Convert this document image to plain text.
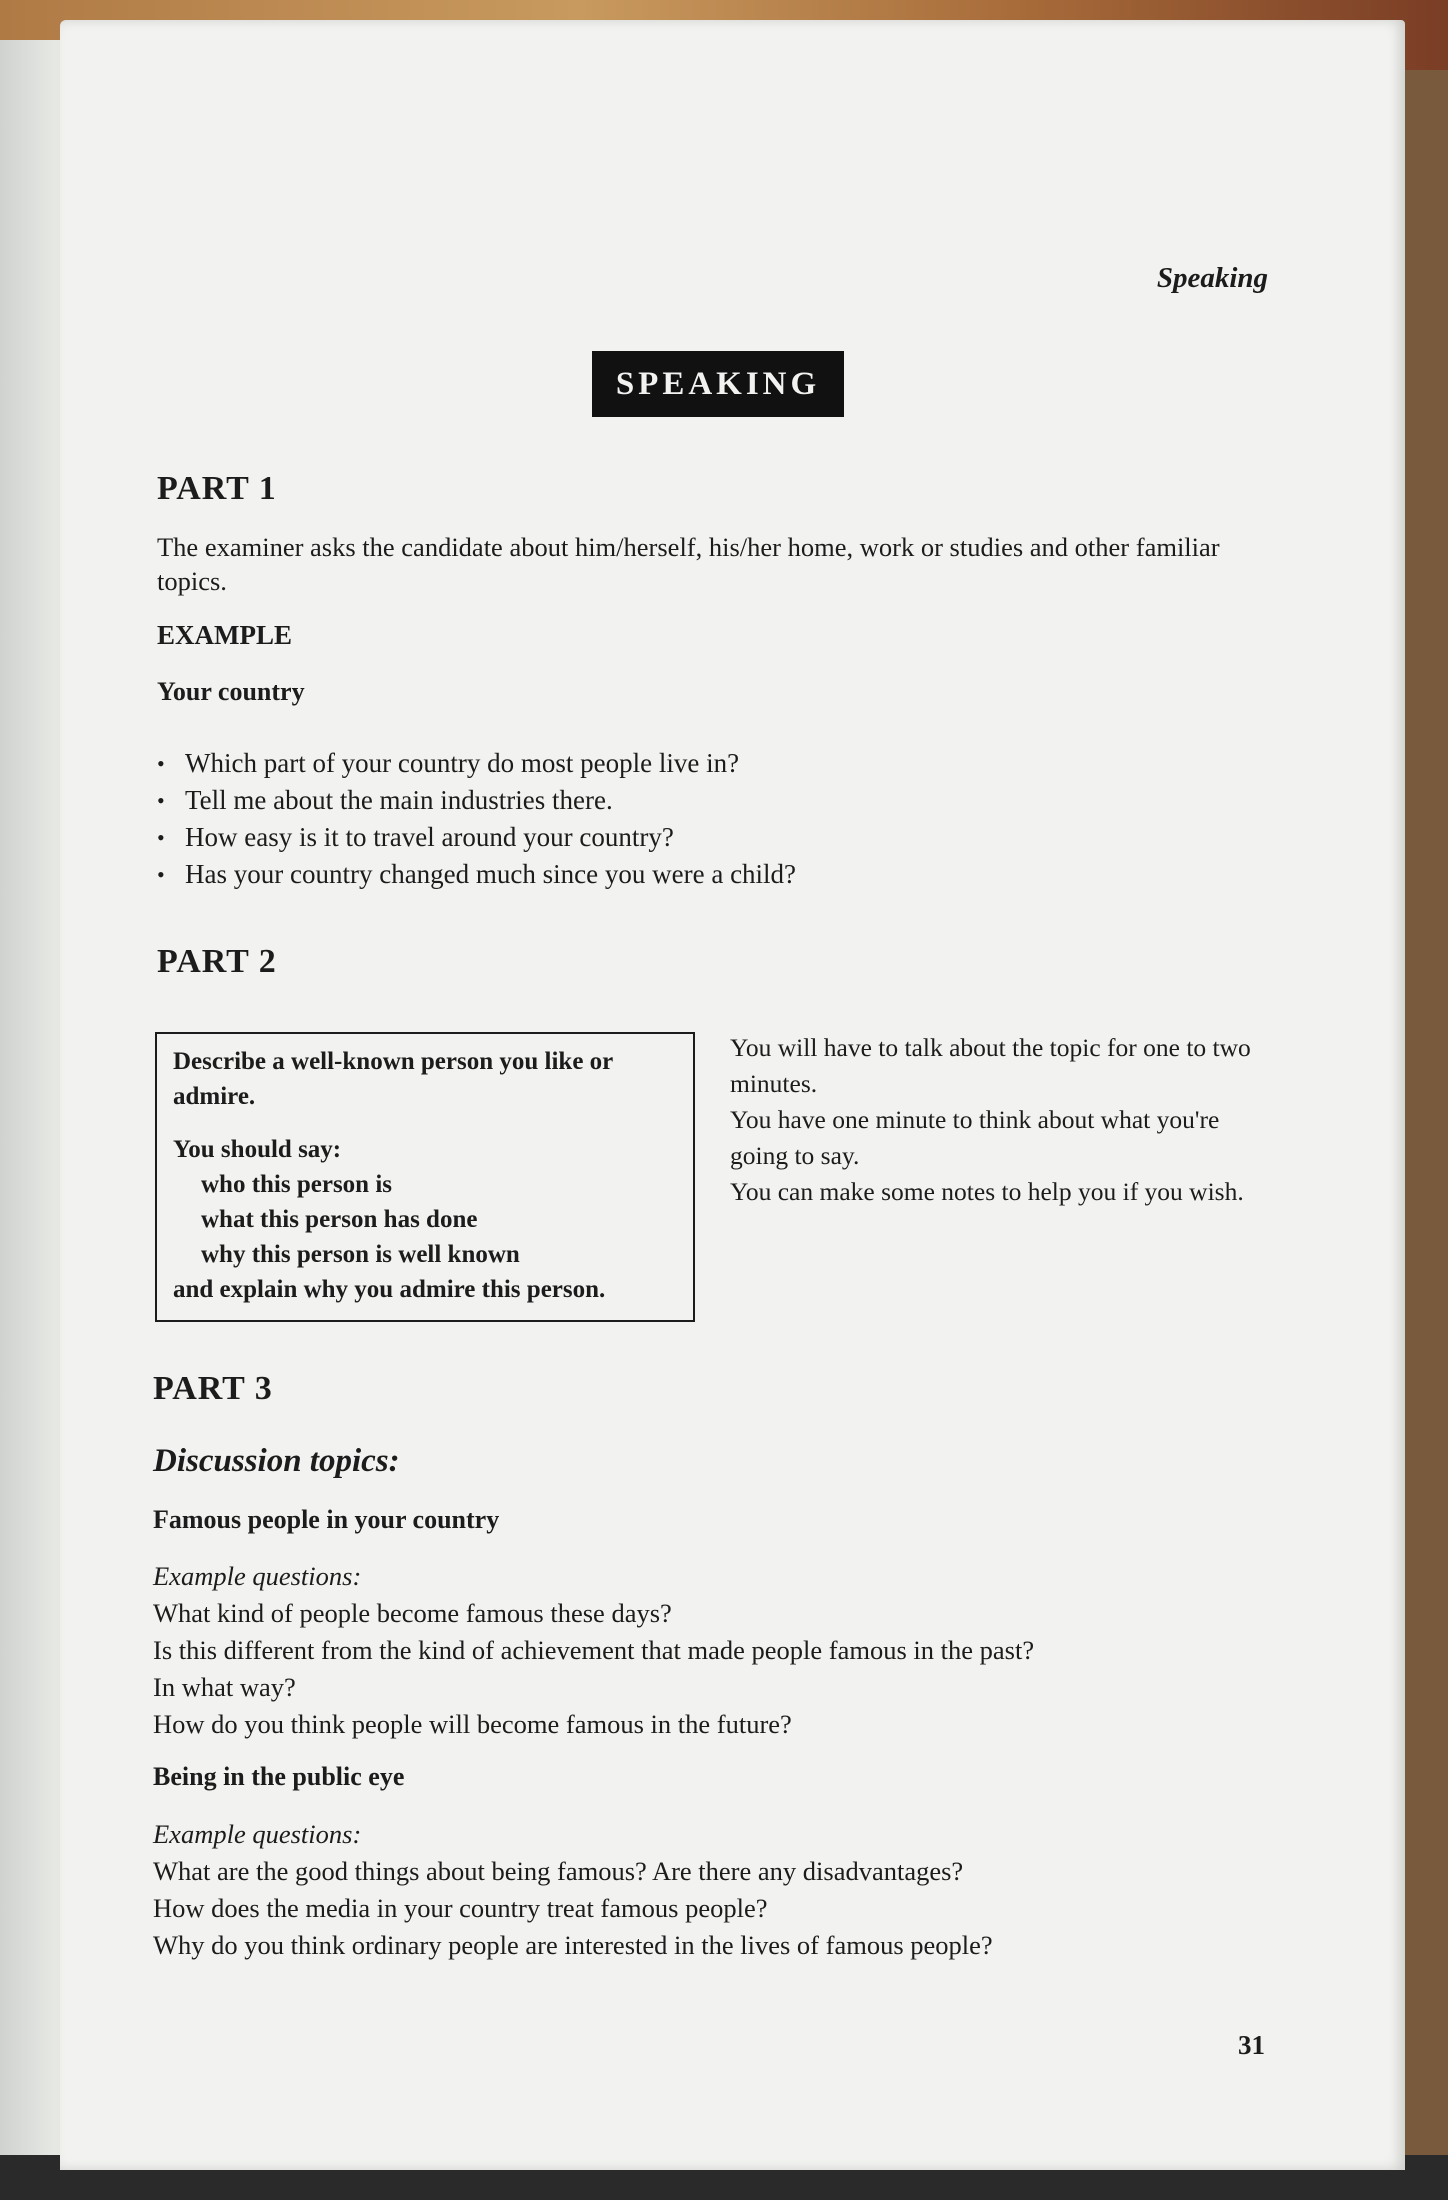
Speaking
SPEAKING
PART 1
The examiner asks the candidate about him/herself, his/her home, work or studies and other familiar topics.
EXAMPLE
Your country
• Which part of your country do most people live in?
• Tell me about the main industries there.
• How easy is it to travel around your country?
• Has your country changed much since you were a child?
PART 2
Describe a well-known person you like or admire.
You should say:
who this person is
what this person has done
why this person is well known
and explain why you admire this person.
You will have to talk about the topic for one to two minutes.
You have one minute to think about what you're going to say.
You can make some notes to help you if you wish.
PART 3
Discussion topics:
Famous people in your country
Example questions:
What kind of people become famous these days?
Is this different from the kind of achievement that made people famous in the past?
In what way?
How do you think people will become famous in the future?
Being in the public eye
Example questions:
What are the good things about being famous? Are there any disadvantages?
How does the media in your country treat famous people?
Why do you think ordinary people are interested in the lives of famous people?
31
